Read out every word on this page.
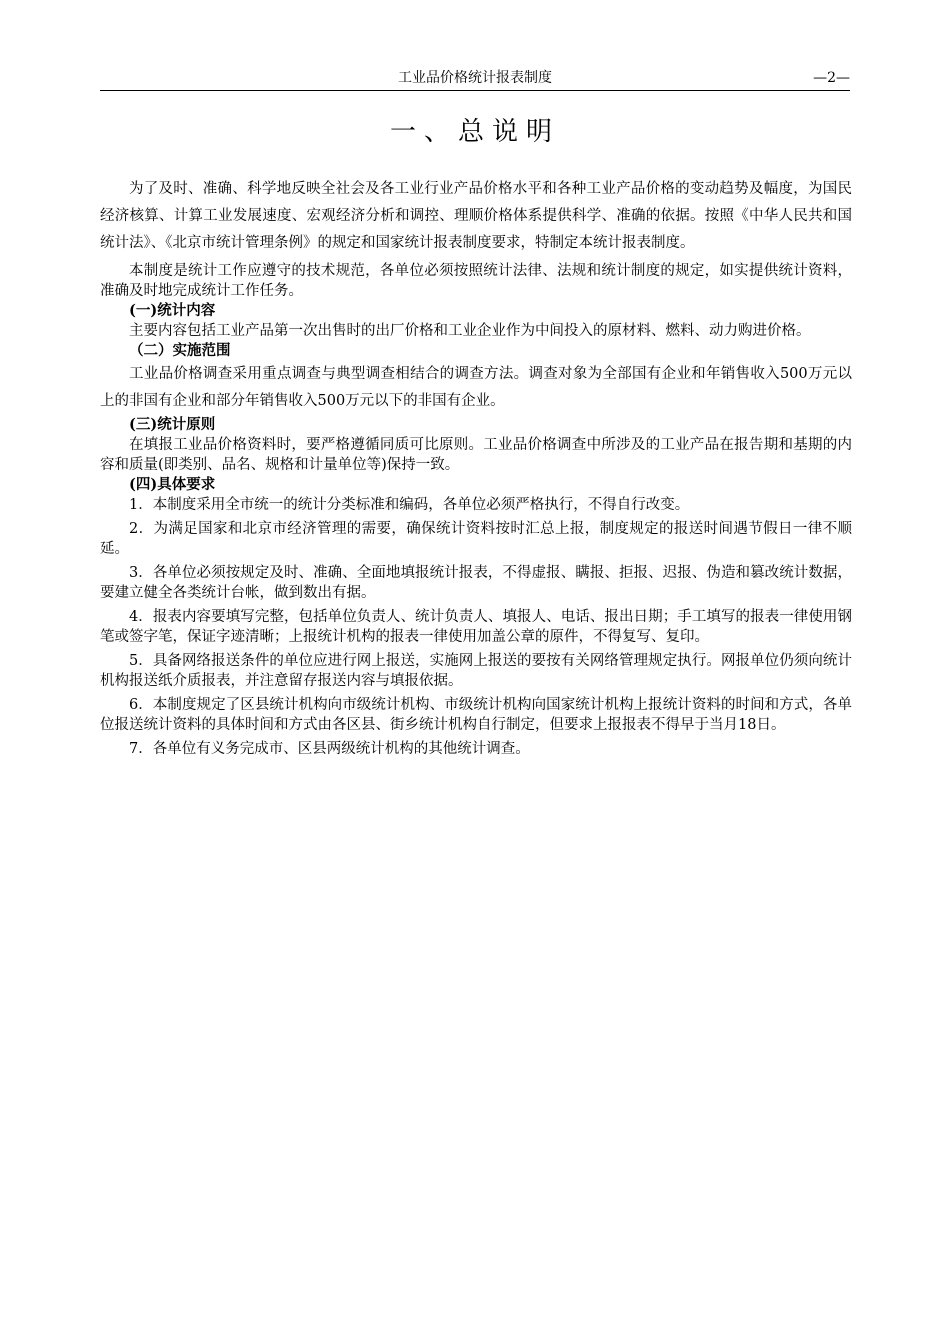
工业品价格统计报表制度	—2—
一、总说明

为了及时、准确、科学地反映全社会及各工业行业产品价格水平和各种工业产品价格的变动趋势及幅度，为国民经济核算、计算工业发展速度、宏观经济分析和调控、理顺价格体系提供科学、准确的依据。按照《中华人民共和国统计法》、《北京市统计管理条例》的规定和国家统计报表制度要求，特制定本统计报表制度。

本制度是统计工作应遵守的技术规范，各单位必须按照统计法律、法规和统计制度的规定，如实提供统计资料，准确及时地完成统计工作任务。

(一)统计内容

主要内容包括工业产品第一次出售时的出厂价格和工业企业作为中间投入的原材料、燃料、动力购进价格。

（二）实施范围

工业品价格调查采用重点调查与典型调查相结合的调查方法。调查对象为全部国有企业和年销售收入500万元以上的非国有企业和部分年销售收入500万元以下的非国有企业。

(三)统计原则

在填报工业品价格资料时，要严格遵循同质可比原则。工业品价格调查中所涉及的工业产品在报告期和基期的内容和质量(即类别、品名、规格和计量单位等)保持一致。

(四)具体要求

1．本制度采用全市统一的统计分类标准和编码，各单位必须严格执行，不得自行改变。

2．为满足国家和北京市经济管理的需要，确保统计资料按时汇总上报，制度规定的报送时间遇节假日一律不顺延。

3．各单位必须按规定及时、准确、全面地填报统计报表，不得虚报、瞒报、拒报、迟报、伪造和篡改统计数据，要建立健全各类统计台帐，做到数出有据。

4．报表内容要填写完整，包括单位负责人、统计负责人、填报人、电话、报出日期；手工填写的报表一律使用钢笔或签字笔，保证字迹清晰；上报统计机构的报表一律使用加盖公章的原件，不得复写、复印。

5．具备网络报送条件的单位应进行网上报送，实施网上报送的要按有关网络管理规定执行。网报单位仍须向统计机构报送纸介质报表，并注意留存报送内容与填报依据。

6．本制度规定了区县统计机构向市级统计机构、市级统计机构向国家统计机构上报统计资料的时间和方式，各单位报送统计资料的具体时间和方式由各区县、街乡统计机构自行制定，但要求上报报表不得早于当月18日。

7．各单位有义务完成市、区县两级统计机构的其他统计调查。
